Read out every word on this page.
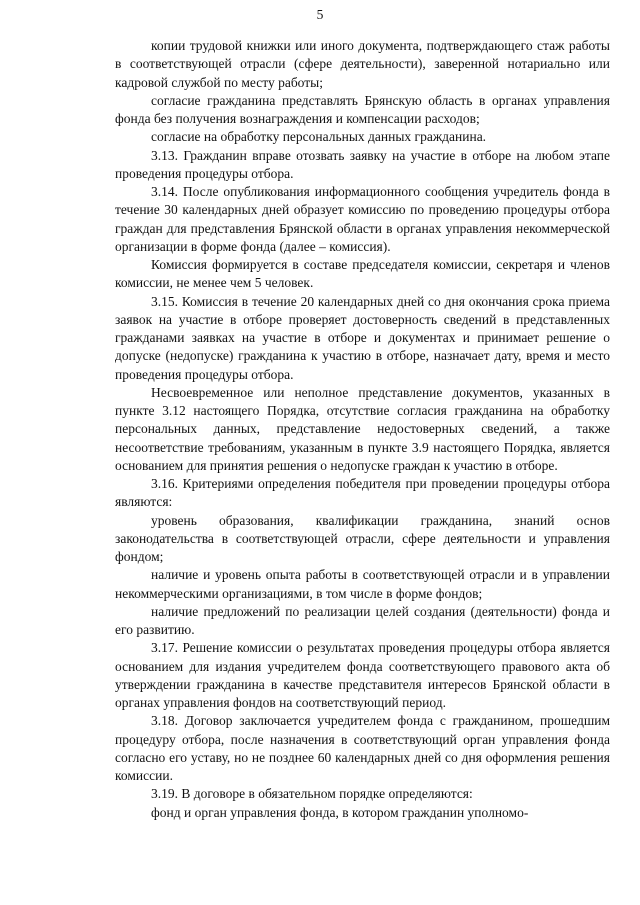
5

копии трудовой книжки или иного документа, подтверждающего стаж работы в соответствующей отрасли (сфере деятельности), заверенной нотариально или кадровой службой по месту работы;

согласие гражданина представлять Брянскую область в органах управления фонда без получения вознаграждения и компенсации расходов;

согласие на обработку персональных данных гражданина.

3.13. Гражданин вправе отозвать заявку на участие в отборе на любом этапе проведения процедуры отбора.

3.14. После опубликования информационного сообщения учредитель фонда в течение 30 календарных дней образует комиссию по проведению процедуры отбора граждан для представления Брянской области в органах управления некоммерческой организации в форме фонда (далее – комиссия).

Комиссия формируется в составе председателя комиссии, секретаря и членов комиссии, не менее чем 5 человек.

3.15. Комиссия в течение 20 календарных дней со дня окончания срока приема заявок на участие в отборе проверяет достоверность сведений в представленных гражданами заявках на участие в отборе и документах и принимает решение о допуске (недопуске) гражданина к участию в отборе, назначает дату, время и место проведения процедуры отбора.

Несвоевременное или неполное представление документов, указанных в пункте 3.12 настоящего Порядка, отсутствие согласия гражданина на обработку персональных данных, представление недостоверных сведений, а также несоответствие требованиям, указанным в пункте 3.9 настоящего Порядка, является основанием для принятия решения о недопуске граждан к участию в отборе.

3.16. Критериями определения победителя при проведении процедуры отбора являются:

уровень образования, квалификации гражданина, знаний основ законодательства в соответствующей отрасли, сфере деятельности и управления фондом;

наличие и уровень опыта работы в соответствующей отрасли и в управлении некоммерческими организациями, в том числе в форме фондов;

наличие предложений по реализации целей создания (деятельности) фонда и его развитию.

3.17. Решение комиссии о результатах проведения процедуры отбора является основанием для издания учредителем фонда соответствующего правового акта об утверждении гражданина в качестве представителя интересов Брянской области в органах управления фондов на соответствующий период.

3.18. Договор заключается учредителем фонда с гражданином, прошедшим процедуру отбора, после назначения в соответствующий орган управления фонда согласно его уставу, но не позднее 60 календарных дней со дня оформления решения комиссии.

3.19. В договоре в обязательном порядке определяются:

фонд и орган управления фонда, в котором гражданин уполномо-
